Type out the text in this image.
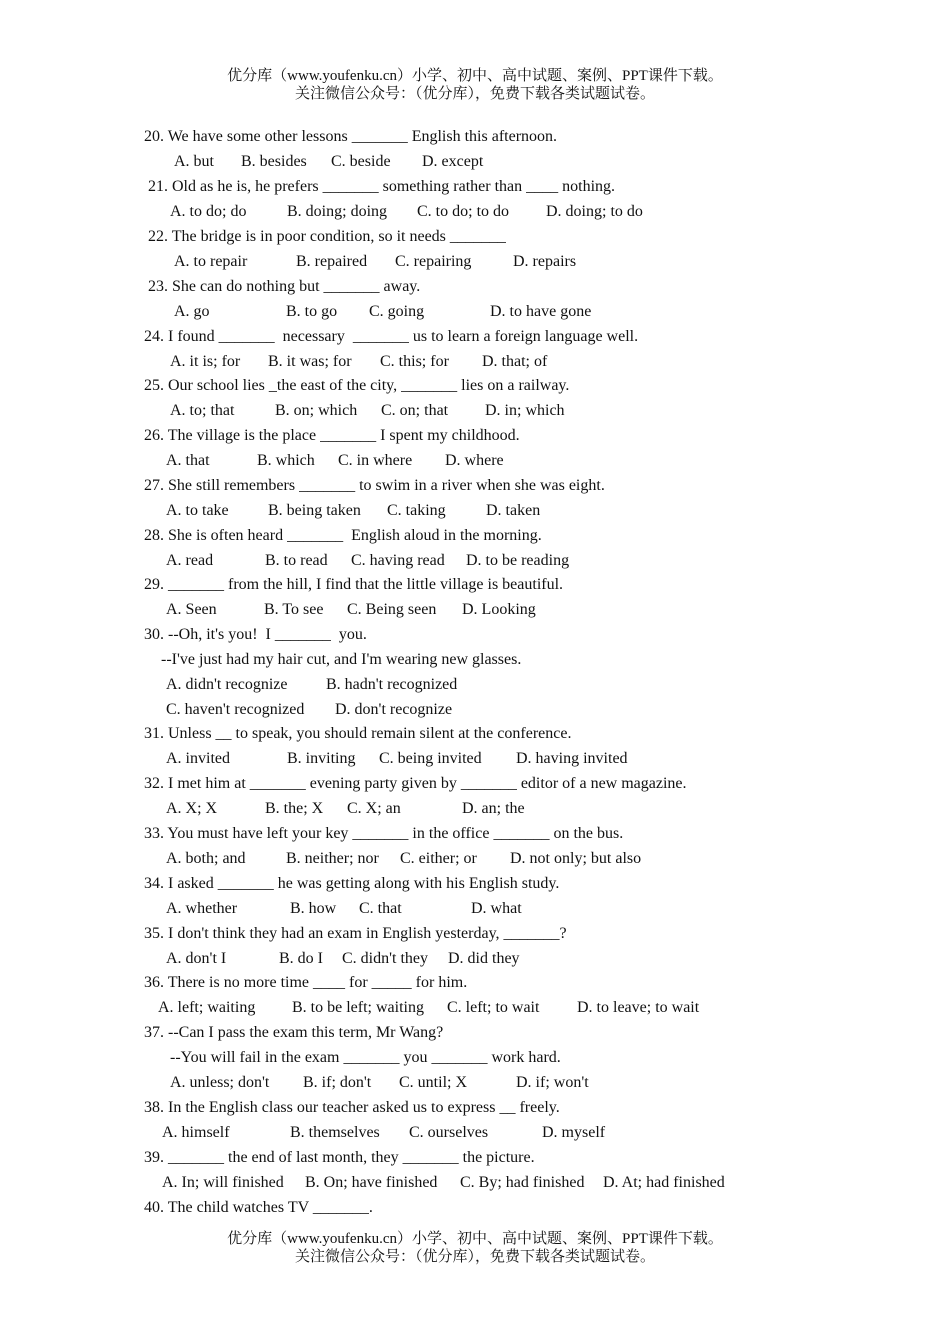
优分库（www.youfenku.cn）小学、初中、高中试题、案例、PPT课件下载。
关注微信公众号：（优分库），免费下载各类试题试卷。
20. We have some other lessons _______ English this afternoon.
A. but B. besides C. beside D. except
21. Old as he is, he prefers _______ something rather than ____ nothing.
A. to do; do	B. doing; doing C. to do; to do D. doing; to do
22. The bridge is in poor condition, so it needs _______
A. to repair	B. repaired C. repairing	D. repairs
23. She can do nothing but _______ away.
A. go	B. to go C. going	D. to have gone
24. I found _______  necessary  _______ us to learn a foreign language well.
A. it is; for B. it was; for C. this; for D. that; of
25. Our school lies _the east of the city, _______ lies on a railway.
A. to; that	B. on; which C. on; that D. in; which
26. The village is the place _______ I spent my childhood.
A. that	B. which C. in where D. where
27. She still remembers _______ to swim in a river when she was eight.
A. to take B. being taken C. taking	D. taken
28. She is often heard _______  English aloud in the morning.
A. read	B. to read C. having read D. to be reading
29. _______ from the hill, I find that the little village is beautiful.
A. Seen	B. To see C. Being seen D. Looking
30. --Oh, it's you!  I _______  you.
--I've just had my hair cut, and I'm wearing new glasses.
A. didn't recognize B. hadn't recognized
C. haven't recognized D. don't recognize
31. Unless __ to speak, you should remain silent at the conference.
A. invited	B. inviting C. being invited D. having invited
32. I met him at _______ evening party given by _______ editor of a new magazine.
A. X; X	B. the; X C. X; an	D. an; the
33. You must have left your key _______ in the office _______ on the bus.
A. both; and	B. neither; nor C. either; or D. not only; but also
34. I asked _______ he was getting along with his English study.
A. whether	B. how C. that	D. what
35. I don't think they had an exam in English yesterday, _______?
A. don't I	B. do I C. didn't they D. did they
36. There is no more time ____ for _____ for him.
A. left; waiting B. to be left; waiting C. left; to wait D. to leave; to wait
37. --Can I pass the exam this term, Mr Wang?
--You will fail in the exam _______ you _______ work hard.
A. unless; don't B. if; don't C. until; X	D. if; won't
38. In the English class our teacher asked us to express __ freely.
A. himself	B. themselves C. ourselves	D. myself
39. _______ the end of last month, they _______ the picture.
A. In; will finished B. On; have finished C. By; had finished D. At; had finished
40. The child watches TV _______.
优分库（www.youfenku.cn）小学、初中、高中试题、案例、PPT课件下载。
关注微信公众号：（优分库），免费下载各类试题试卷。
